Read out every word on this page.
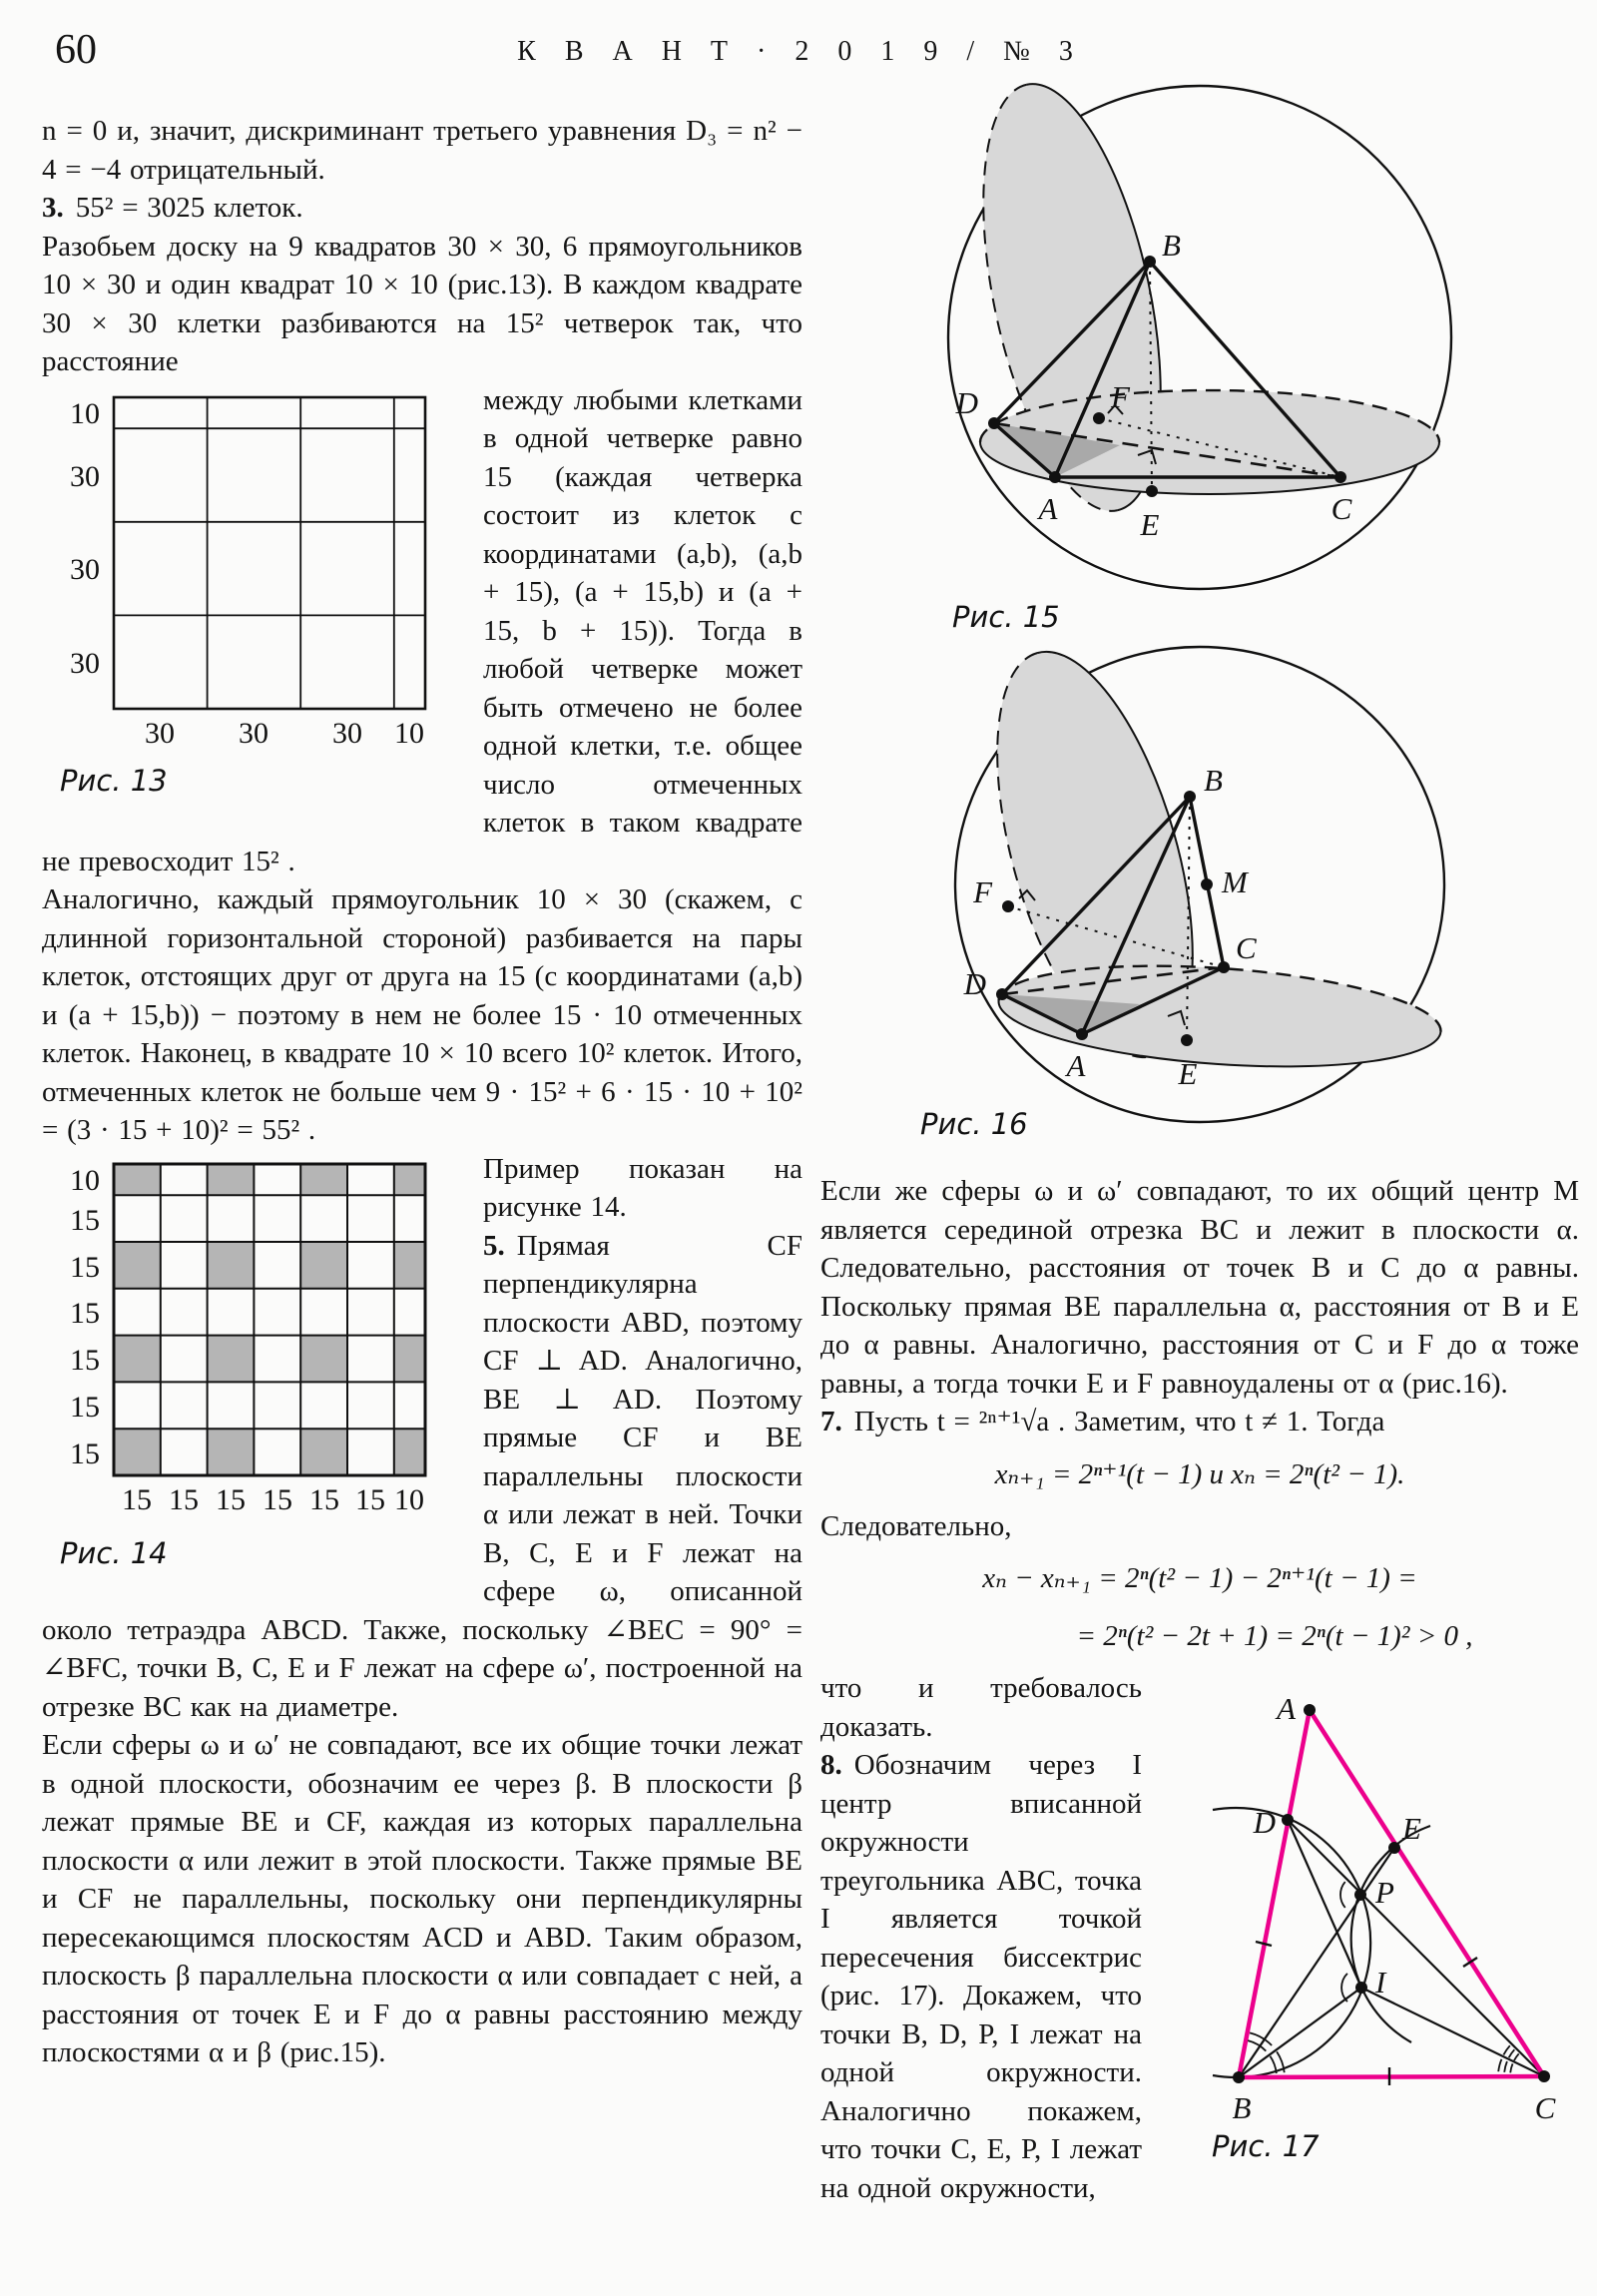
60	К В А Н Т · 2 0 1 9 / № 3

n = 0 и, значит, дискриминант третьего уравнения D₃ = n² − 4 = −4 отрицательный.

3. 55² = 3025 клеток.

Разобьем доску на 9 квадратов 30 × 30, 6 прямоугольников 10 × 30 и один квадрат 10 × 10 (рис.13). В каждом квадрате 30 × 30 клетки разбиваются на 15² четверок так, что расстояние

10
30
30
30
30 30 30 10
Рис. 13

между любыми клетками в одной четверке равно 15 (каждая четверка состоит из клеток с координатами (a,b), (a,b + 15), (a + 15,b) и (a + 15, b + 15)). Тогда в любой четверке может быть отмечено не более одной клетки, т.е. общее число отмеченных клеток в таком квадрате не превосходит 15² .

Аналогично, каждый прямоугольник 10 × 30 (скажем, с длинной горизонтальной стороной) разбивается на пары клеток, отстоящих друг от друга на 15 (с координатами (a,b) и (a + 15,b)) − поэтому в нем не более 15 · 10 отмеченных клеток. Наконец, в квадрате 10 × 10 всего 10² клеток. Итого, отмеченных клеток не больше чем 9 · 15² + 6 · 15 · 10 + 10² = (3 · 15 + 10)² = 55² .

10
15
15
15
15
15
15
15 15 15 15 15 15 10
Рис. 14

Пример показан на рисунке 14.

5. Прямая CF перпендикулярна плоскости ABD, поэтому CF ⊥ AD. Аналогично, BE ⊥ AD. Поэтому прямые CF и BE параллельны плоскости α или лежат в ней. Точки B, C, E и F лежат на сфере ω, описанной около тетраэдра ABCD. Также, поскольку ∠BEC = 90° = ∠BFC, точки B, C, E и F лежат на сфере ω′, построенной на отрезке BC как на диаметре.

Если сферы ω и ω′ не совпадают, все их общие точки лежат в одной плоскости, обозначим ее через β. В плоскости β лежат прямые BE и CF, каждая из которых параллельна плоскости α или лежит в этой плоскости. Также прямые BE и CF не параллельны, поскольку они перпендикулярны пересекающимся плоскостям ACD и ABD. Таким образом, плоскость β параллельна плоскости α или совпадает с ней, а расстояния от точек E и F до α равны расстоянию между плоскостями α и β (рис.15).

B
D	F
A	E	C
Рис. 15
B
M
C
D
F
A	E
Рис. 16

Если же сферы ω и ω′ совпадают, то их общий центр M является серединой отрезка BC и лежит в плоскости α. Следовательно, расстояния от точек B и C до α равны. Поскольку прямая BE параллельна α, расстояния от B и E до α равны. Аналогично, расстояния от C и F до α тоже равны, а тогда точки E и F равноудалены от α (рис.16).

7. Пусть t = ²ⁿ⁺¹√a . Заметим, что t ≠ 1. Тогда

xₙ₊₁ = 2ⁿ⁺¹(t − 1) и xₙ = 2ⁿ(t² − 1).

Следовательно,

xₙ − xₙ₊₁ = 2ⁿ(t² − 1) − 2ⁿ⁺¹(t − 1) =
= 2ⁿ(t² − 2t + 1) = 2ⁿ(t − 1)² > 0 ,
A
D	E
P
I
B	C
Рис. 17

что и требовалось доказать.

8. Обозначим через I центр вписанной окружности треугольника ABC, точка I является точкой пересечения биссектрис (рис. 17). Докажем, что точки B, D, P, I лежат на одной окружности. Аналогично покажем, что точки C, E, P, I лежат на одной окружности,
